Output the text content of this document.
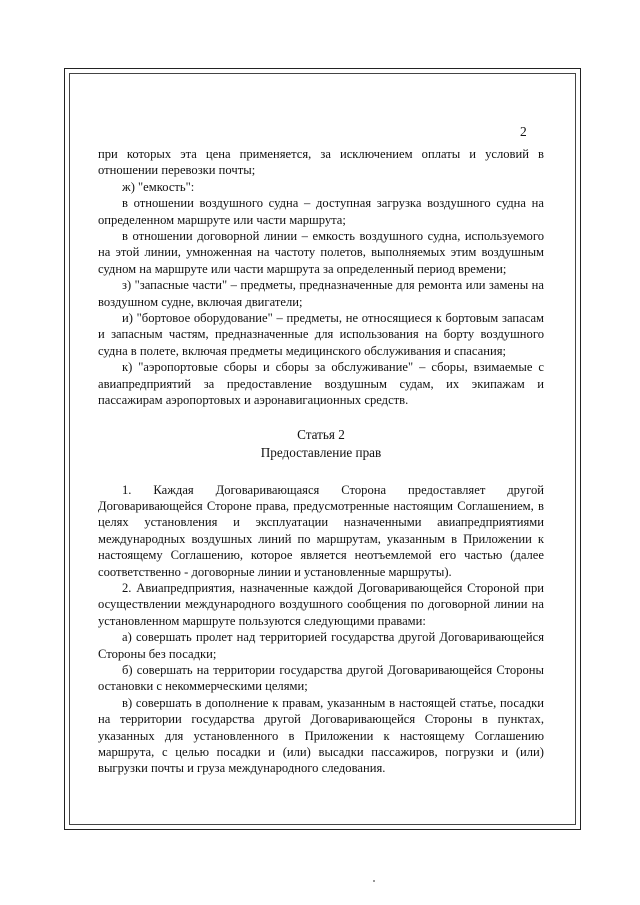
2

при которых эта цена применяется, за исключением оплаты и условий в отношении перевозки почты;

ж) "емкость":

в отношении воздушного судна – доступная загрузка воздушного судна на определенном маршруте или части маршрута;

в отношении договорной линии – емкость воздушного судна, используемого на этой линии, умноженная на частоту полетов, выполняемых этим воздушным судном на маршруте или части маршрута за определенный период времени;

з) "запасные части" – предметы, предназначенные для ремонта или замены на воздушном судне, включая двигатели;

и) "бортовое оборудование" – предметы, не относящиеся к бортовым запасам и запасным частям, предназначенные для использования на борту воздушного судна в полете, включая предметы медицинского обслуживания и спасания;

к) "аэропортовые сборы и сборы за обслуживание" – сборы, взимаемые с авиапредприятий за предоставление воздушным судам, их экипажам и пассажирам аэропортовых и аэронавигационных средств.

Статья 2

Предоставление прав

1. Каждая Договаривающаяся Сторона предоставляет другой Договаривающейся Стороне права, предусмотренные настоящим Соглашением, в целях установления и эксплуатации назначенными авиапредприятиями международных воздушных линий по маршрутам, указанным в Приложении к настоящему Соглашению, которое является неотъемлемой его частью (далее соответственно - договорные линии и установленные маршруты).

2. Авиапредприятия, назначенные каждой Договаривающейся Стороной при осуществлении международного воздушного сообщения по договорной линии на установленном маршруте пользуются следующими правами:

а) совершать пролет над территорией государства другой Договаривающейся Стороны без посадки;

б) совершать на территории государства другой Договаривающейся Стороны остановки с некоммерческими целями;

в) совершать в дополнение к правам, указанным в настоящей статье, посадки на территории государства другой Договаривающейся Стороны в пунктах, указанных для установленного в Приложении к настоящему Соглашению маршрута, с целью посадки и (или) высадки пассажиров, погрузки и (или) выгрузки почты и груза международного следования.
